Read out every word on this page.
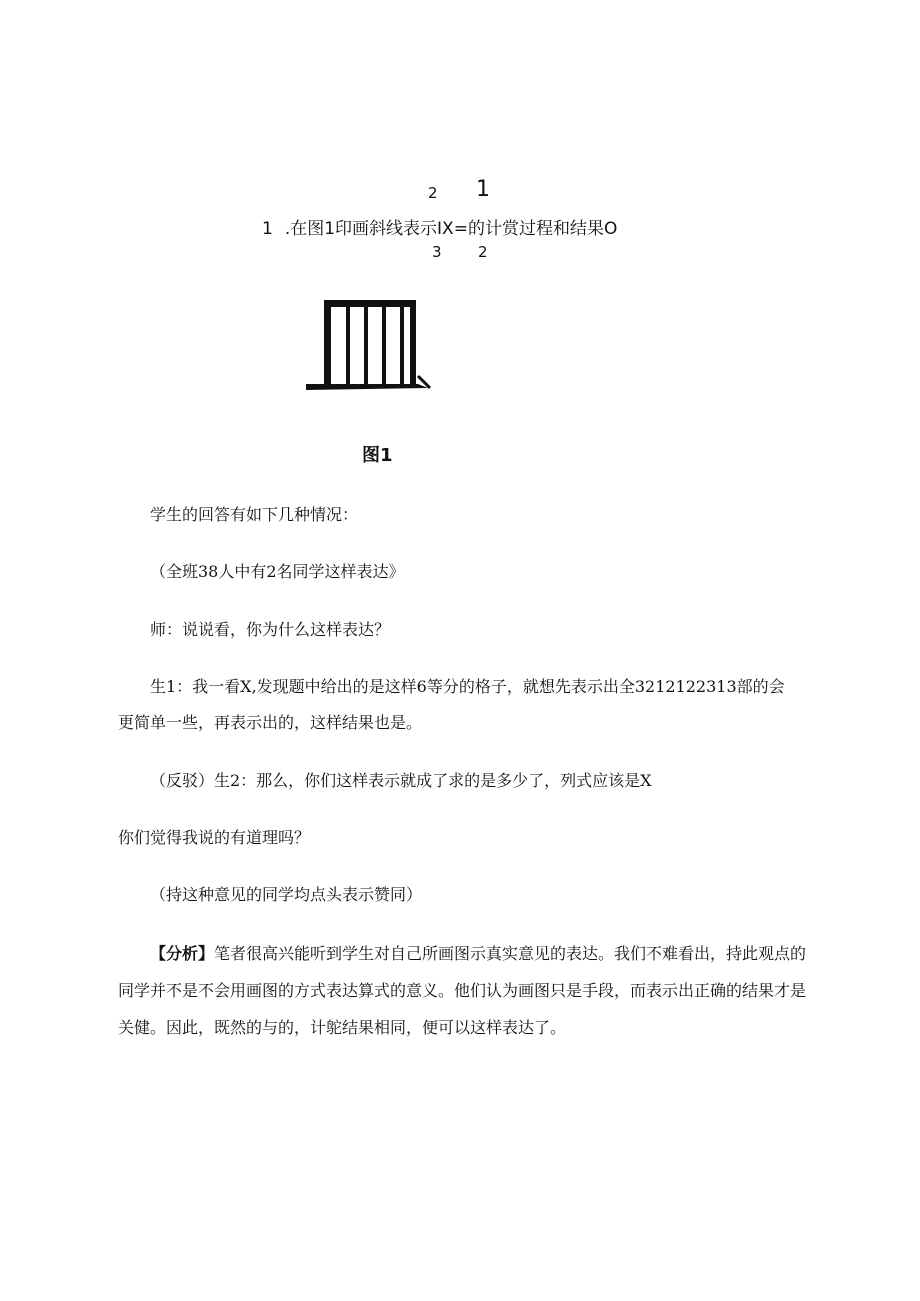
2 1
1 .在图1印画斜线表示IX=的计赏过程和结果O
3 2
图1
学生的回答有如下几种情况：
（全班38人中有2名同学这样表达》
师：说说看，你为什么这样表达？
生1：我一看X,发现题中给出的是这样6等分的格子，就想先表示出全3212122313部的会
更简单一些，再表示出的，这样结果也是。
（反驳）生2：那么，你们这样表示就成了求的是多少了，列式应该是X
你们觉得我说的有道理吗？
（持这种意见的同学均点头表示赞同）

【分析】笔者很高兴能听到学生对自己所画图示真实意见的表达。我们不难看出，持此观点的同学并不是不会用画图的方式表达算式的意义。他们认为画图只是手段，而表示出正确的结果才是关健。因此，既然的与的，计鸵结果相同，便可以这样表达了。
